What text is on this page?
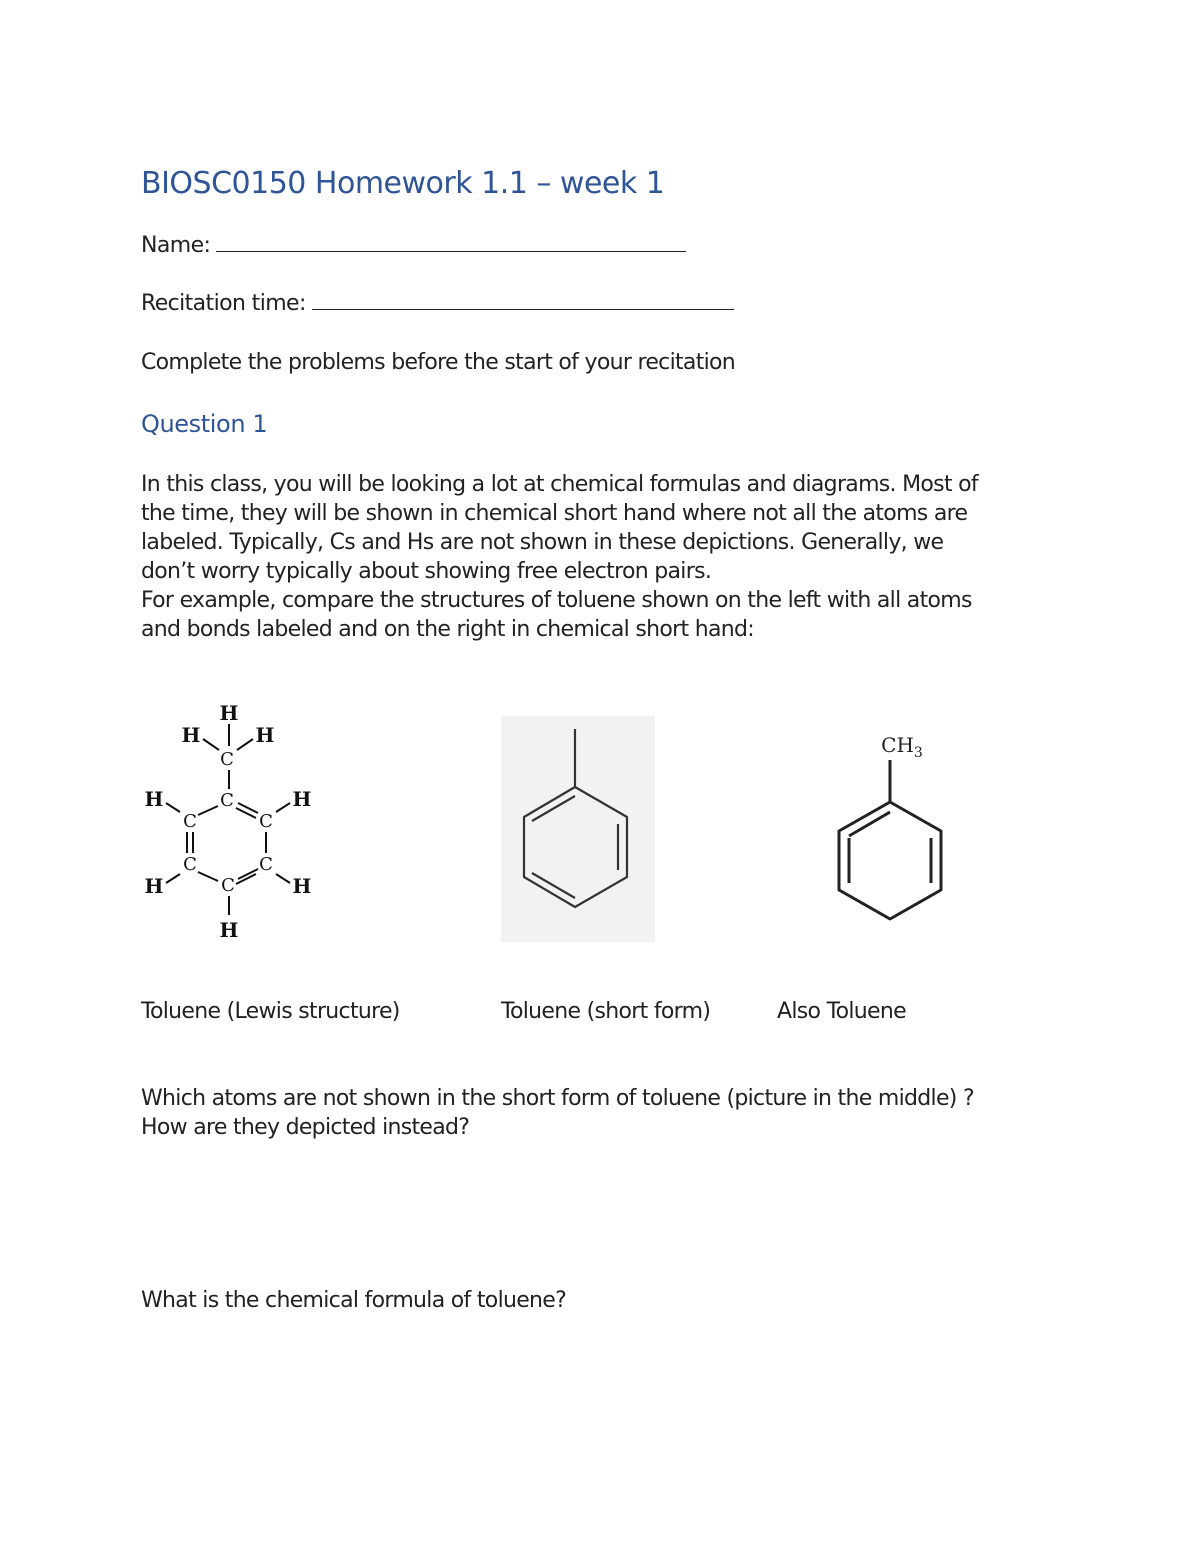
BIOSC0150 Homework 1.1 – week 1
Name:
Recitation time:
Complete the problems before the start of your recitation
Question 1
In this class, you will be looking a lot at chemical formulas and diagrams. Most of
the time, they will be shown in chemical short hand where not all the atoms are
labeled. Typically, Cs and Hs are not shown in these depictions. Generally, we
don’t worry typically about showing free electron pairs.
For example, compare the structures of toluene shown on the left with all atoms
and bonds labeled and on the right in chemical short hand:
H
H	H
H	H
H	H
H
C
C
C	C
C	C
C
$CH_3$
Toluene (Lewis structure)	Toluene (short form)	Also Toluene
Which atoms are not shown in the short form of toluene (picture in the middle) ?
How are they depicted instead?
What is the chemical formula of toluene?
